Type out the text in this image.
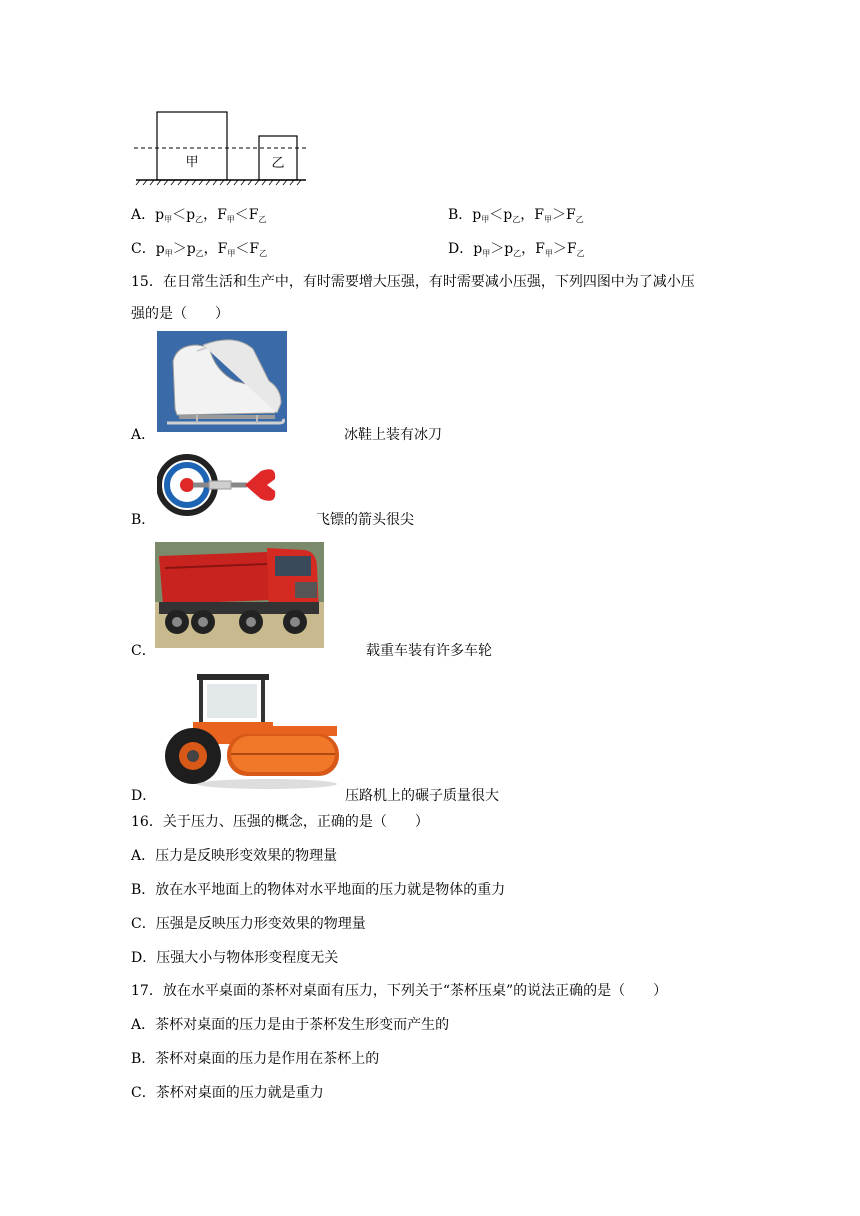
甲	乙
A．$p_甲<p_乙$，$F_甲<F_乙$	B．$p_甲<p_乙$，$F_甲>F_乙$
C．$p_甲>p_乙$，$F_甲<F_乙$	D．$p_甲>p_乙$，$F_甲>F_乙$
15．在日常生活和生产中，有时需要增大压强，有时需要减小压强，下列四图中为了减小压
强的是（　　）
A．	冰鞋上装有冰刀
B．	飞镖的箭头很尖
C．	载重车装有许多车轮
D．	压路机上的碾子质量很大
16．关于压力、压强的概念，正确的是（　　）
A．压力是反映形变效果的物理量
B．放在水平地面上的物体对水平地面的压力就是物体的重力
C．压强是反映压力形变效果的物理量
D．压强大小与物体形变程度无关
17．放在水平桌面的茶杯对桌面有压力，下列关于“茶杯压桌”的说法正确的是（　　）
A．茶杯对桌面的压力是由于茶杯发生形变而产生的
B．茶杯对桌面的压力是作用在茶杯上的
C．茶杯对桌面的压力就是重力
